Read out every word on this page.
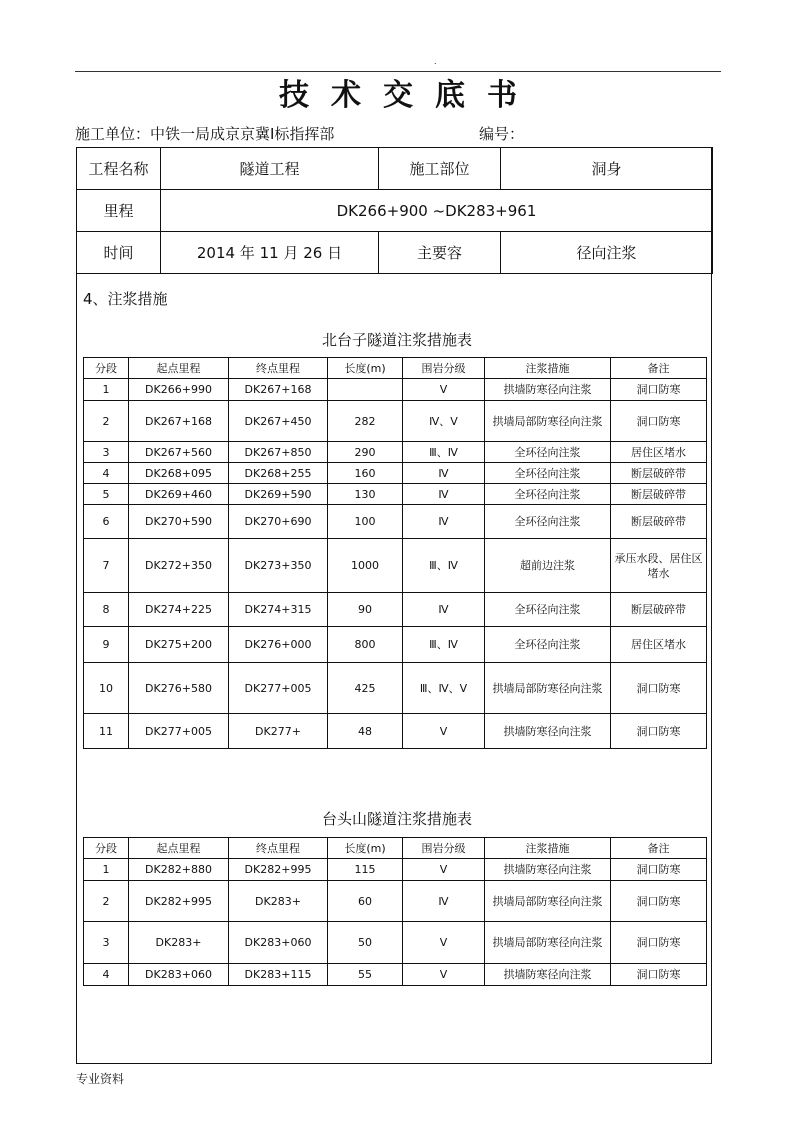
.
技术交底书
施工单位：中铁一局成京京冀Ⅰ标指挥部	编号：
工程名称	隧道工程	施工部位	洞身
里程	DK266+900 ~DK283+961		
时间	2014 年 11 月 26 日	主要容	径向注浆
4、注浆措施
北台子隧道注浆措施表
分段	起点里程	终点里程	长度(m)	围岩分级	注浆措施	备注
1	DK266+990	DK267+168		Ⅴ	拱墙防寒径向注浆	洞口防寒
2	DK267+168	DK267+450	282	Ⅳ、Ⅴ	拱墙局部防寒径向注浆	洞口防寒
3	DK267+560	DK267+850	290	Ⅲ、Ⅳ	全环径向注浆	居住区堵水
4	DK268+095	DK268+255	160	Ⅳ	全环径向注浆	断层破碎带
5	DK269+460	DK269+590	130	Ⅳ	全环径向注浆	断层破碎带
6	DK270+590	DK270+690	100	Ⅳ	全环径向注浆	断层破碎带
7	DK272+350	DK273+350	1000	Ⅲ、Ⅳ	超前边注浆	承压水段、居住区堵水
8	DK274+225	DK274+315	90	Ⅳ	全环径向注浆	断层破碎带
9	DK275+200	DK276+000	800	Ⅲ、Ⅳ	全环径向注浆	居住区堵水
10	DK276+580	DK277+005	425	Ⅲ、Ⅳ、Ⅴ	拱墙局部防寒径向注浆	洞口防寒
11	DK277+005	DK277+	48	Ⅴ	拱墙防寒径向注浆	洞口防寒
台头山隧道注浆措施表
分段	起点里程	终点里程	长度(m)	围岩分级	注浆措施	备注
1	DK282+880	DK282+995	115	Ⅴ	拱墙防寒径向注浆	洞口防寒
2	DK282+995	DK283+	60	Ⅳ	拱墙局部防寒径向注浆	洞口防寒
3	DK283+	DK283+060	50	Ⅴ	拱墙局部防寒径向注浆	洞口防寒
4	DK283+060	DK283+115	55	Ⅴ	拱墙防寒径向注浆	洞口防寒
专业资料
